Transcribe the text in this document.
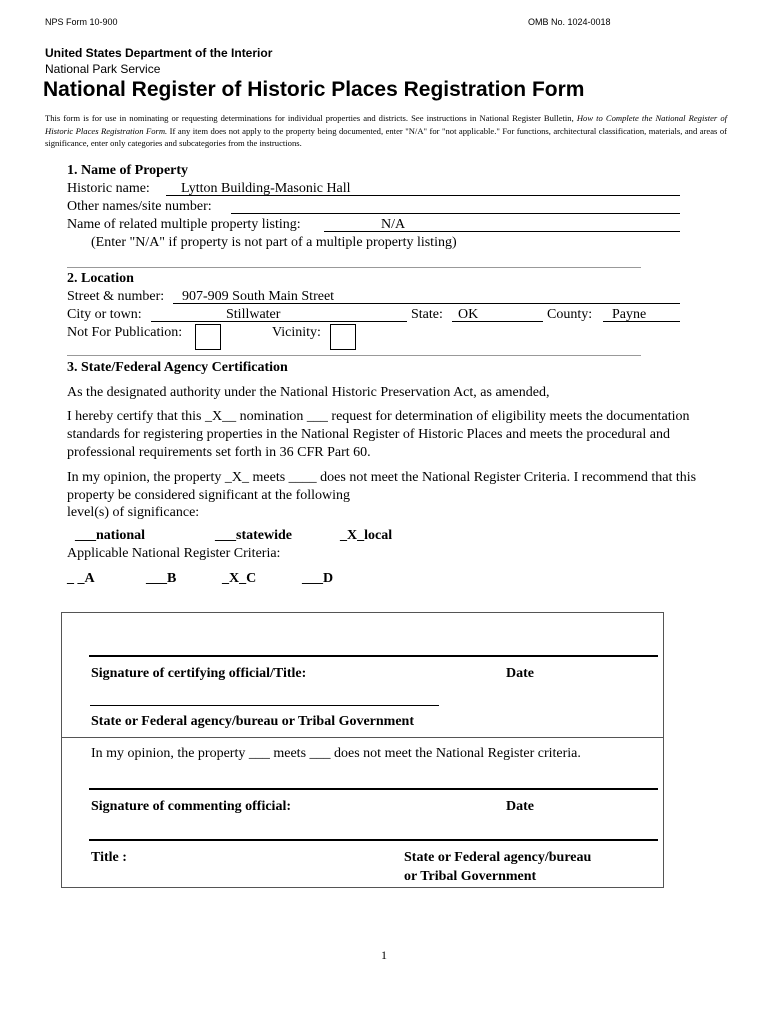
NPS Form 10-900	OMB No. 1024-0018
United States Department of the Interior
National Park Service
National Register of Historic Places Registration Form
This form is for use in nominating or requesting determinations for individual properties and districts. See instructions in National Register Bulletin, How to Complete the National Register of Historic Places Registration Form. If any item does not apply to the property being documented, enter "N/A" for "not applicable." For functions, architectural classification, materials, and areas of significance, enter only categories and subcategories from the instructions.
1. Name of Property
Historic name: Lytton Building-Masonic Hall
Other names/site number:
Name of related multiple property listing:	N/A
(Enter "N/A" if property is not part of a multiple property listing)
2. Location
Street & number: 907-909 South Main Street
City or town:	Stillwater	State: OK	County: Payne
Not For Publication:	Vicinity:
3. State/Federal Agency Certification
As the designated authority under the National Historic Preservation Act, as amended,
I hereby certify that this _X__ nomination ___ request for determination of eligibility meets the documentation standards for registering properties in the National Register of Historic Places and meets the procedural and professional requirements set forth in 36 CFR Part 60.
In my opinion, the property _X_ meets ____ does not meet the National Register Criteria. I recommend that this property be considered significant at the following
level(s) of significance:
___national	___statewide	_X_local
Applicable National Register Criteria:
_ _A	___B	_X_C	___D
Signature of certifying official/Title:	Date
State or Federal agency/bureau or Tribal Government
In my opinion, the property ___ meets ___ does not meet the National Register criteria.
Signature of commenting official:	Date
Title :	State or Federal agency/bureau
or Tribal Government
1
